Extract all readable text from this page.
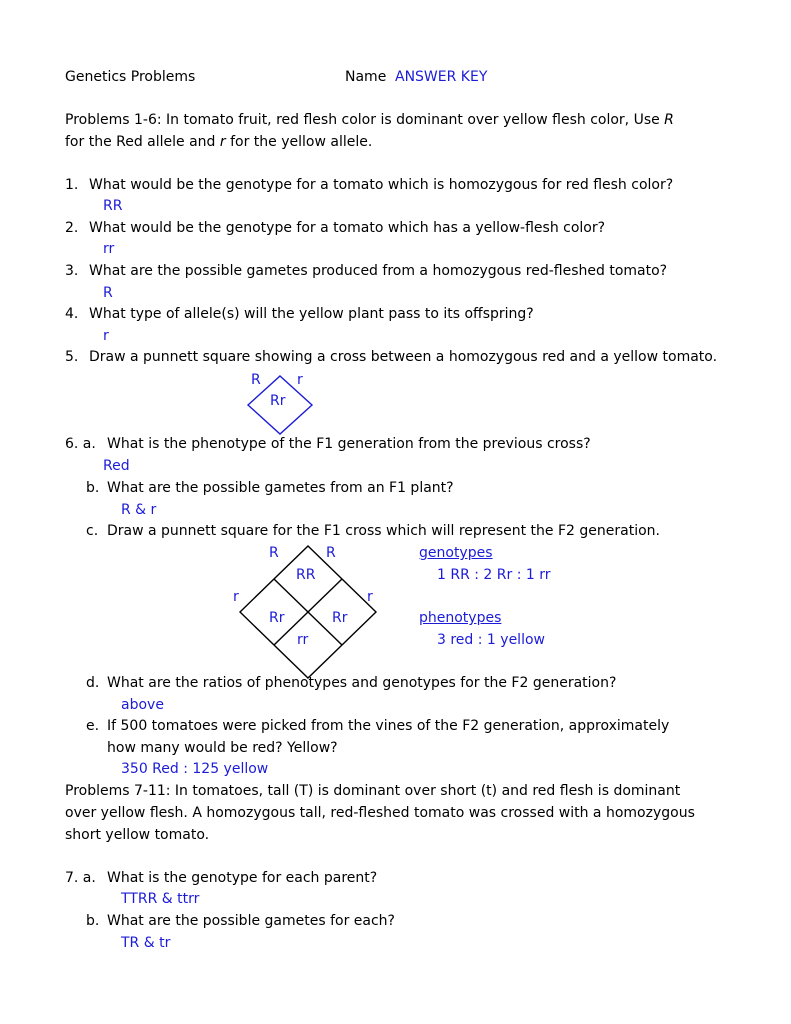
Genetics Problems	Name ANSWER KEY
Problems 1-6: In tomato fruit, red flesh color is dominant over yellow flesh color, Use R
for the Red allele and r for the yellow allele.
1. What would be the genotype for a tomato which is homozygous for red flesh color?
RR
2. What would be the genotype for a tomato which has a yellow-flesh color?
rr
3. What are the possible gametes produced from a homozygous red-fleshed tomato?
R
4. What type of allele(s) will the yellow plant pass to its offspring?
r
5. Draw a punnett square showing a cross between a homozygous red and a yellow tomato.
R	r
Rr
6. a. What is the phenotype of the F1 generation from the previous cross?
Red
b. What are the possible gametes from an F1 plant?
R & r
c. Draw a punnett square for the F1 cross which will represent the F2 generation.
R	R
r	r
RR
Rr	Rr
rr
genotypes
1 RR : 2 Rr : 1 rr
phenotypes
3 red : 1 yellow
d. What are the ratios of phenotypes and genotypes for the F2 generation?
above
e. If 500 tomatoes were picked from the vines of the F2 generation, approximately
how many would be red? Yellow?
350 Red : 125 yellow
Problems 7-11: In tomatoes, tall (T) is dominant over short (t) and red flesh is dominant
over yellow flesh. A homozygous tall, red-fleshed tomato was crossed with a homozygous
short yellow tomato.
7. a. What is the genotype for each parent?
TTRR & ttrr
b. What are the possible gametes for each?
TR & tr
